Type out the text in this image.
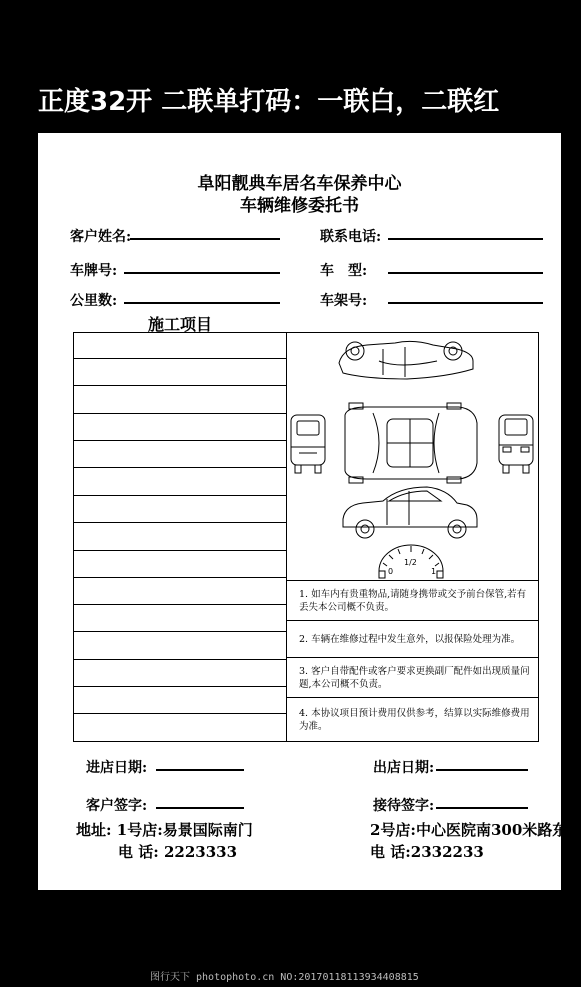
正度32开 二联单打码：一联白，二联红
阜阳靓典车居名车保养中心
车辆维修委托书
客户姓名:	联系电话:
车牌号:	车　型:
公里数:	车架号:
施工项目
1/2
0	1
1. 如车内有贵重物品,请随身携带或交予前台保管,若有丢失本公司概不负责。
2. 车辆在维修过程中发生意外，以报保险处理为准。
3. 客户自带配件或客户要求更换副厂配件如出现质量问题,本公司概不负责。
4. 本协议项目预计费用仅供参考，结算以实际维修费用为准。
进店日期:	出店日期:
客户签字:	接待签字:
地址: 1号店:易景国际南门	2号店:中心医院南300米路东
电 话: 2223333	电 话:2332233
图行天下 photophoto.cn NO:20170118113934408815
